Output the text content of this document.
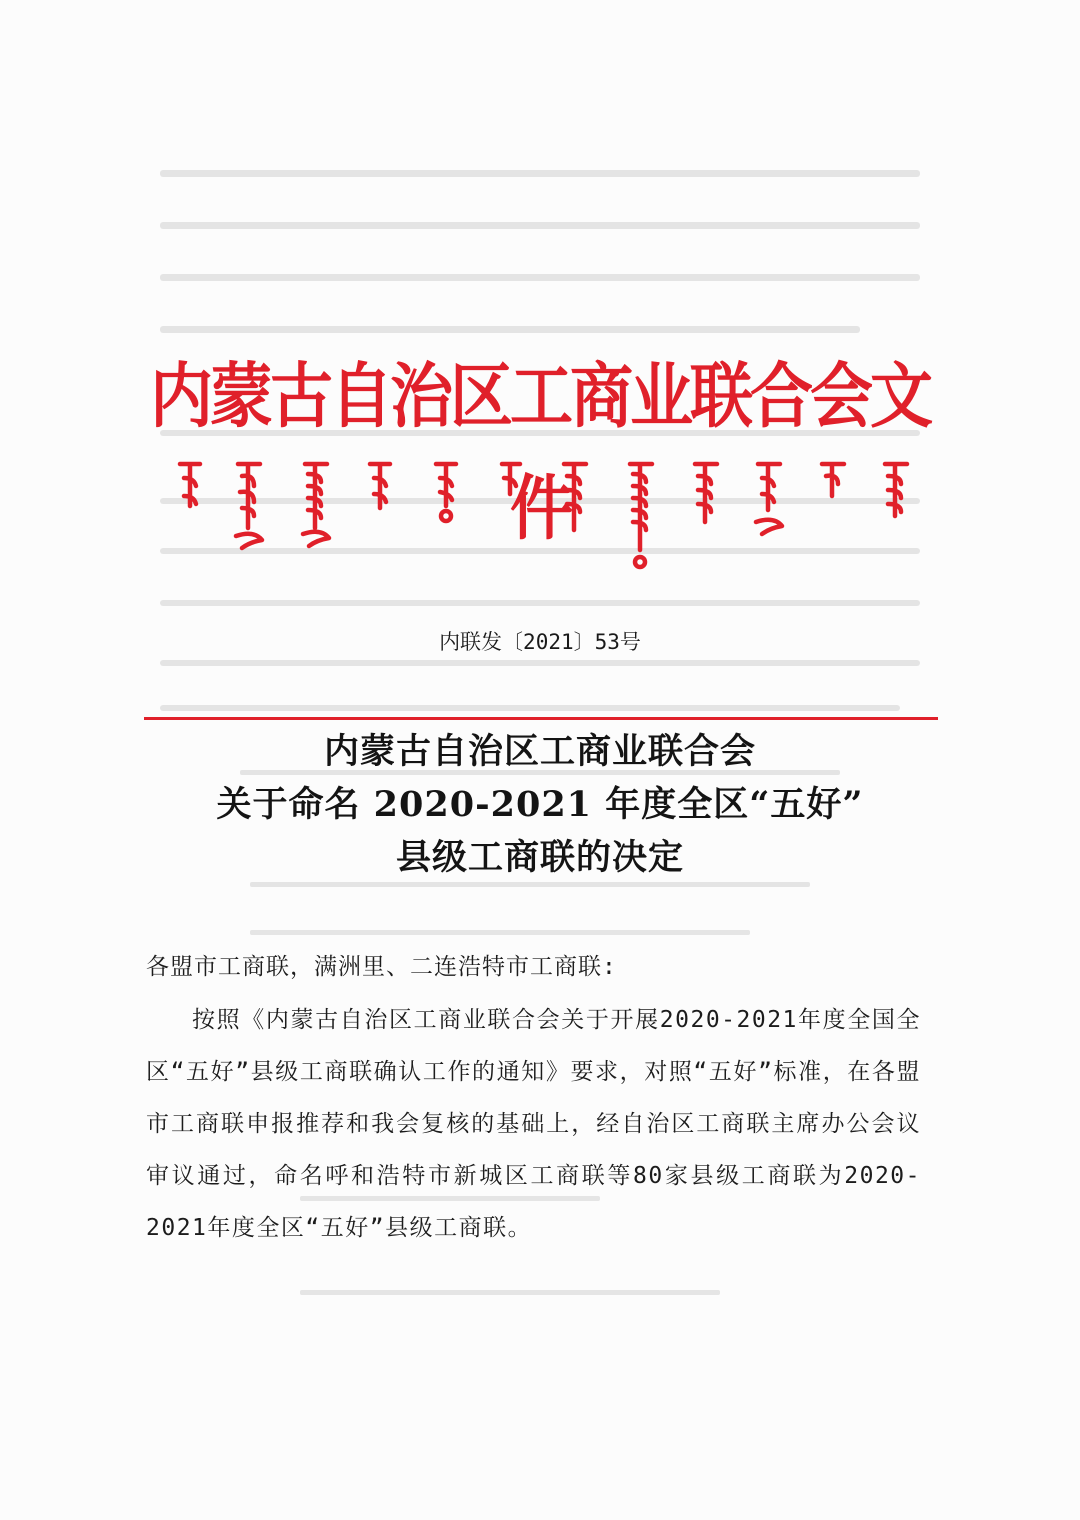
内蒙古自治区工商业联合会文件
内联发〔2021〕53号
内蒙古自治区工商业联合会
关于命名 2020-2021 年度全区“五好”
县级工商联的决定

各盟市工商联，满洲里、二连浩特市工商联:

按照《内蒙古自治区工商业联合会关于开展2020-2021年度全国全区“五好”县级工商联确认工作的通知》要求，对照“五好”标准，在各盟市工商联申报推荐和我会复核的基础上，经自治区工商联主席办公会议审议通过，命名呼和浩特市新城区工商联等80家县级工商联为2020-2021年度全区“五好”县级工商联。
